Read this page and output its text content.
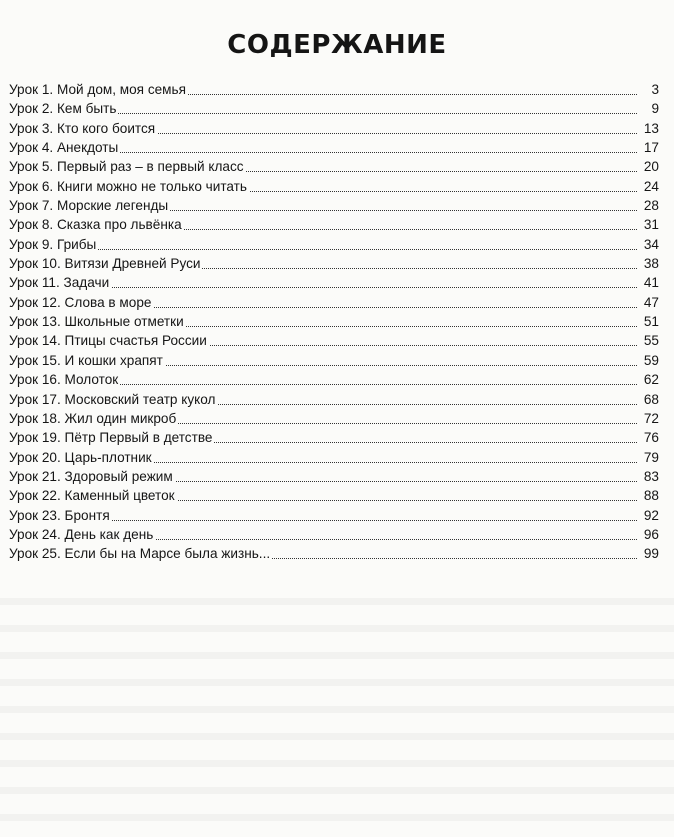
СОДЕРЖАНИЕ
Урок 1. Мой дом, моя семья	3
Урок 2. Кем быть	9
Урок 3. Кто кого боится	13
Урок 4. Анекдоты	17
Урок 5. Первый раз – в первый класс	20
Урок 6. Книги можно не только читать	24
Урок 7. Морские легенды	28
Урок 8. Сказка про львёнка	31
Урок 9. Грибы	34
Урок 10. Витязи Древней Руси	38
Урок 11. Задачи	41
Урок 12. Слова в море	47
Урок 13. Школьные отметки	51
Урок 14. Птицы счастья России	55
Урок 15. И кошки храпят	59
Урок 16. Молоток	62
Урок 17. Московский театр кукол	68
Урок 18. Жил один микроб	72
Урок 19. Пётр Первый в детстве	76
Урок 20. Царь-плотник	79
Урок 21. Здоровый режим	83
Урок 22. Каменный цветок	88
Урок 23. Бронтя	92
Урок 24. День как день	96
Урок 25. Если бы на Марсе была жизнь...	99
